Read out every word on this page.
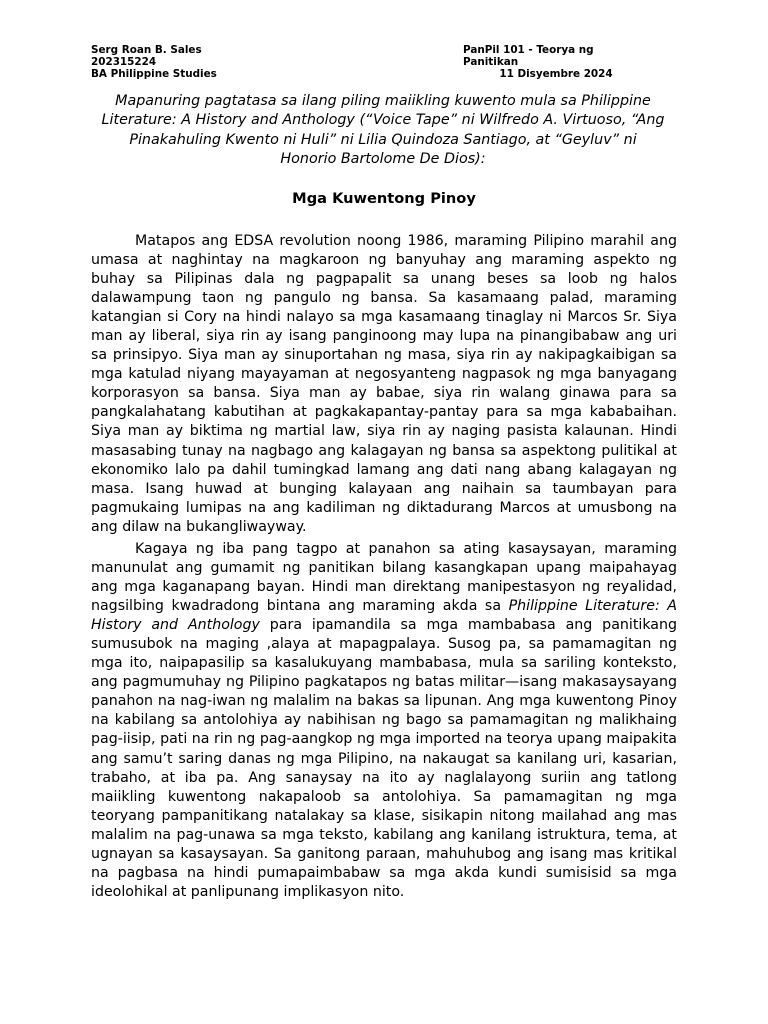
Serg Roan B. Sales
202315224
BA Philippine Studies
PanPil 101 - Teorya ng Panitikan
11 Disyembre 2024
Mapanuring pagtatasa sa ilang piling maiikling kuwento mula sa Philippine Literature: A History and Anthology (“Voice Tape” ni Wilfredo A. Virtuoso, “Ang Pinakahuling Kwento ni Huli” ni Lilia Quindoza Santiago, at “Geyluv” ni Honorio Bartolome De Dios):
Mga Kuwentong Pinoy

Matapos ang EDSA revolution noong 1986, maraming Pilipino marahil ang umasa at naghintay na magkaroon ng banyuhay ang maraming aspekto ng buhay sa Pilipinas dala ng pagpapalit sa unang beses sa loob ng halos dalawampung taon ng pangulo ng bansa. Sa kasamaang palad, maraming katangian si Cory na hindi nalayo sa mga kasamaang tinaglay ni Marcos Sr. Siya man ay liberal, siya rin ay isang panginoong may lupa na pinangibabaw ang uri sa prinsipyo. Siya man ay sinuportahan ng masa, siya rin ay nakipagkaibigan sa mga katulad niyang mayayaman at negosyanteng nagpasok ng mga banyagang korporasyon sa bansa. Siya man ay babae, siya rin walang ginawa para sa pangkalahatang kabutihan at pagkakapantay-pantay para sa mga kababaihan. Siya man ay biktima ng martial law, siya rin ay naging pasista kalaunan. Hindi masasabing tunay na nagbago ang kalagayan ng bansa sa aspektong pulitikal at ekonomiko lalo pa dahil tumingkad lamang ang dati nang abang kalagayan ng masa. Isang huwad at bunging kalayaan ang naihain sa taumbayan para pagmukaing lumipas na ang kadiliman ng diktadurang Marcos at umusbong na ang dilaw na bukangliwayway.

Kagaya ng iba pang tagpo at panahon sa ating kasaysayan, maraming manunulat ang gumamit ng panitikan bilang kasangkapan upang maipahayag ang mga kaganapang bayan. Hindi man direktang manipestasyon ng reyalidad, nagsilbing kwadradong bintana ang maraming akda sa Philippine Literature: A History and Anthology para ipamandila sa mga mambabasa ang panitikang sumusubok na maging ,alaya at mapagpalaya. Susog pa, sa pamamagitan ng mga ito, naipapasilip sa kasalukuyang mambabasa, mula sa sariling konteksto, ang pagmumuhay ng Pilipino pagkatapos ng batas militar—isang makasaysayang panahon na nag-iwan ng malalim na bakas sa lipunan. Ang mga kuwentong Pinoy na kabilang sa antolohiya ay nabihisan ng bago sa pamamagitan ng malikhaing pag-iisip, pati na rin ng pag-aangkop ng mga imported na teorya upang maipakita ang samu’t saring danas ng mga Pilipino, na nakaugat sa kanilang uri, kasarian, trabaho, at iba pa. Ang sanaysay na ito ay naglalayong suriin ang tatlong maiikling kuwentong nakapaloob sa antolohiya. Sa pamamagitan ng mga teoryang pampanitikang natalakay sa klase, sisikapin nitong mailahad ang mas malalim na pag-unawa sa mga teksto, kabilang ang kanilang istruktura, tema, at ugnayan sa kasaysayan. Sa ganitong paraan, mahuhubog ang isang mas kritikal na pagbasa na hindi pumapaimbabaw sa mga akda kundi sumisisid sa mga ideolohikal at panlipunang implikasyon nito.
